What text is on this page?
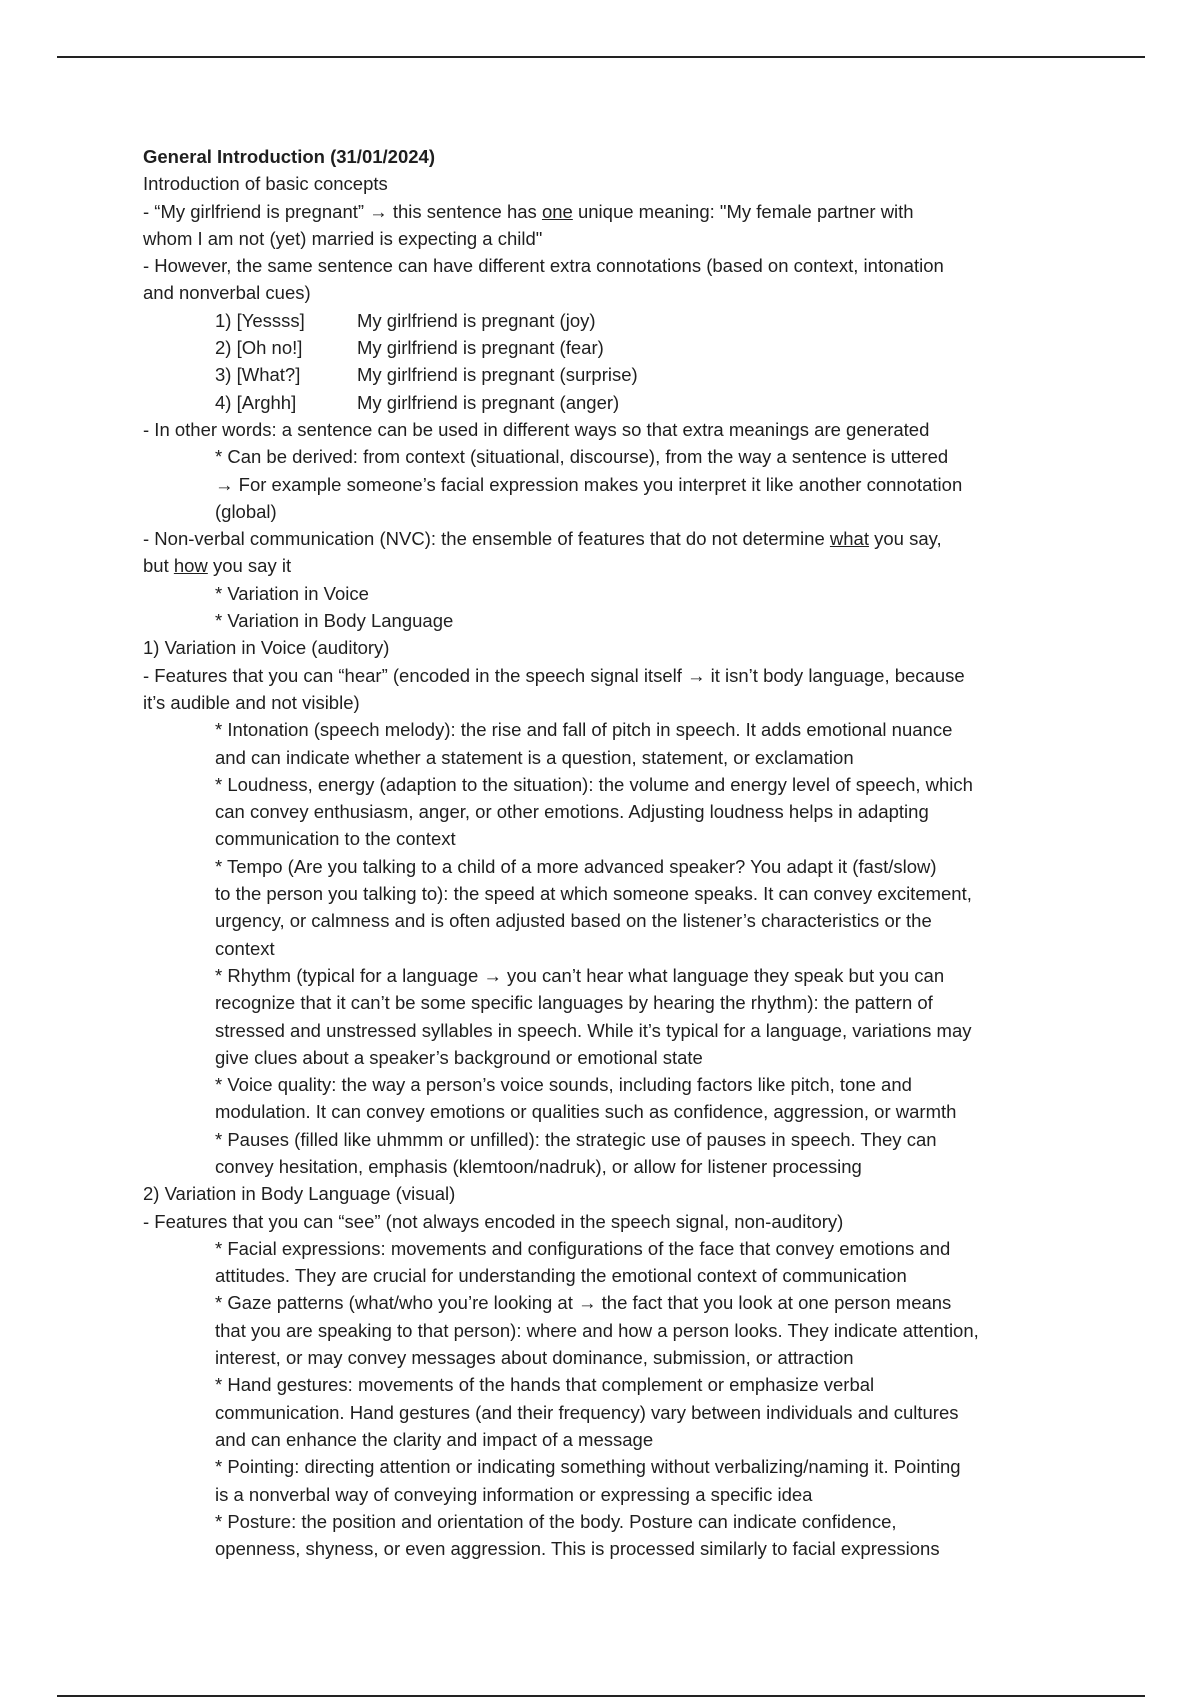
General Introduction (31/01/2024)
Introduction of basic concepts
- “My girlfriend is pregnant” → this sentence has one unique meaning: "My female partner with
whom I am not (yet) married is expecting a child"
- However, the same sentence can have different extra connotations (based on context, intonation
and nonverbal cues)
1) [Yessss]	My girlfriend is pregnant (joy)
2) [Oh no!]	My girlfriend is pregnant (fear)
3) [What?]	My girlfriend is pregnant (surprise)
4) [Arghh]	My girlfriend is pregnant (anger)
- In other words: a sentence can be used in different ways so that extra meanings are generated
* Can be derived: from context (situational, discourse), from the way a sentence is uttered
→ For example someone’s facial expression makes you interpret it like another connotation
(global)
- Non-verbal communication (NVC): the ensemble of features that do not determine what you say,
but how you say it
* Variation in Voice
* Variation in Body Language
1) Variation in Voice (auditory)
- Features that you can “hear” (encoded in the speech signal itself → it isn’t body language, because
it’s audible and not visible)
* Intonation (speech melody): the rise and fall of pitch in speech. It adds emotional nuance
and can indicate whether a statement is a question, statement, or exclamation
* Loudness, energy (adaption to the situation): the volume and energy level of speech, which
can convey enthusiasm, anger, or other emotions. Adjusting loudness helps in adapting
communication to the context
* Tempo (Are you talking to a child of a more advanced speaker? You adapt it (fast/slow)
to the person you talking to): the speed at which someone speaks. It can convey excitement,
urgency, or calmness and is often adjusted based on the listener’s characteristics or the
context
* Rhythm (typical for a language → you can’t hear what language they speak but you can
recognize that it can’t be some specific languages by hearing the rhythm): the pattern of
stressed and unstressed syllables in speech. While it’s typical for a language, variations may
give clues about a speaker’s background or emotional state
* Voice quality: the way a person’s voice sounds, including factors like pitch, tone and
modulation. It can convey emotions or qualities such as confidence, aggression, or warmth
* Pauses (filled like uhmmm or unfilled): the strategic use of pauses in speech. They can
convey hesitation, emphasis (klemtoon/nadruk), or allow for listener processing
2) Variation in Body Language (visual)
- Features that you can “see” (not always encoded in the speech signal, non-auditory)
* Facial expressions: movements and configurations of the face that convey emotions and
attitudes. They are crucial for understanding the emotional context of communication
* Gaze patterns (what/who you’re looking at → the fact that you look at one person means
that you are speaking to that person): where and how a person looks. They indicate attention,
interest, or may convey messages about dominance, submission, or attraction
* Hand gestures: movements of the hands that complement or emphasize verbal
communication. Hand gestures (and their frequency) vary between individuals and cultures
and can enhance the clarity and impact of a message
* Pointing: directing attention or indicating something without verbalizing/naming it. Pointing
is a nonverbal way of conveying information or expressing a specific idea
* Posture: the position and orientation of the body. Posture can indicate confidence,
openness, shyness, or even aggression. This is processed similarly to facial expressions
